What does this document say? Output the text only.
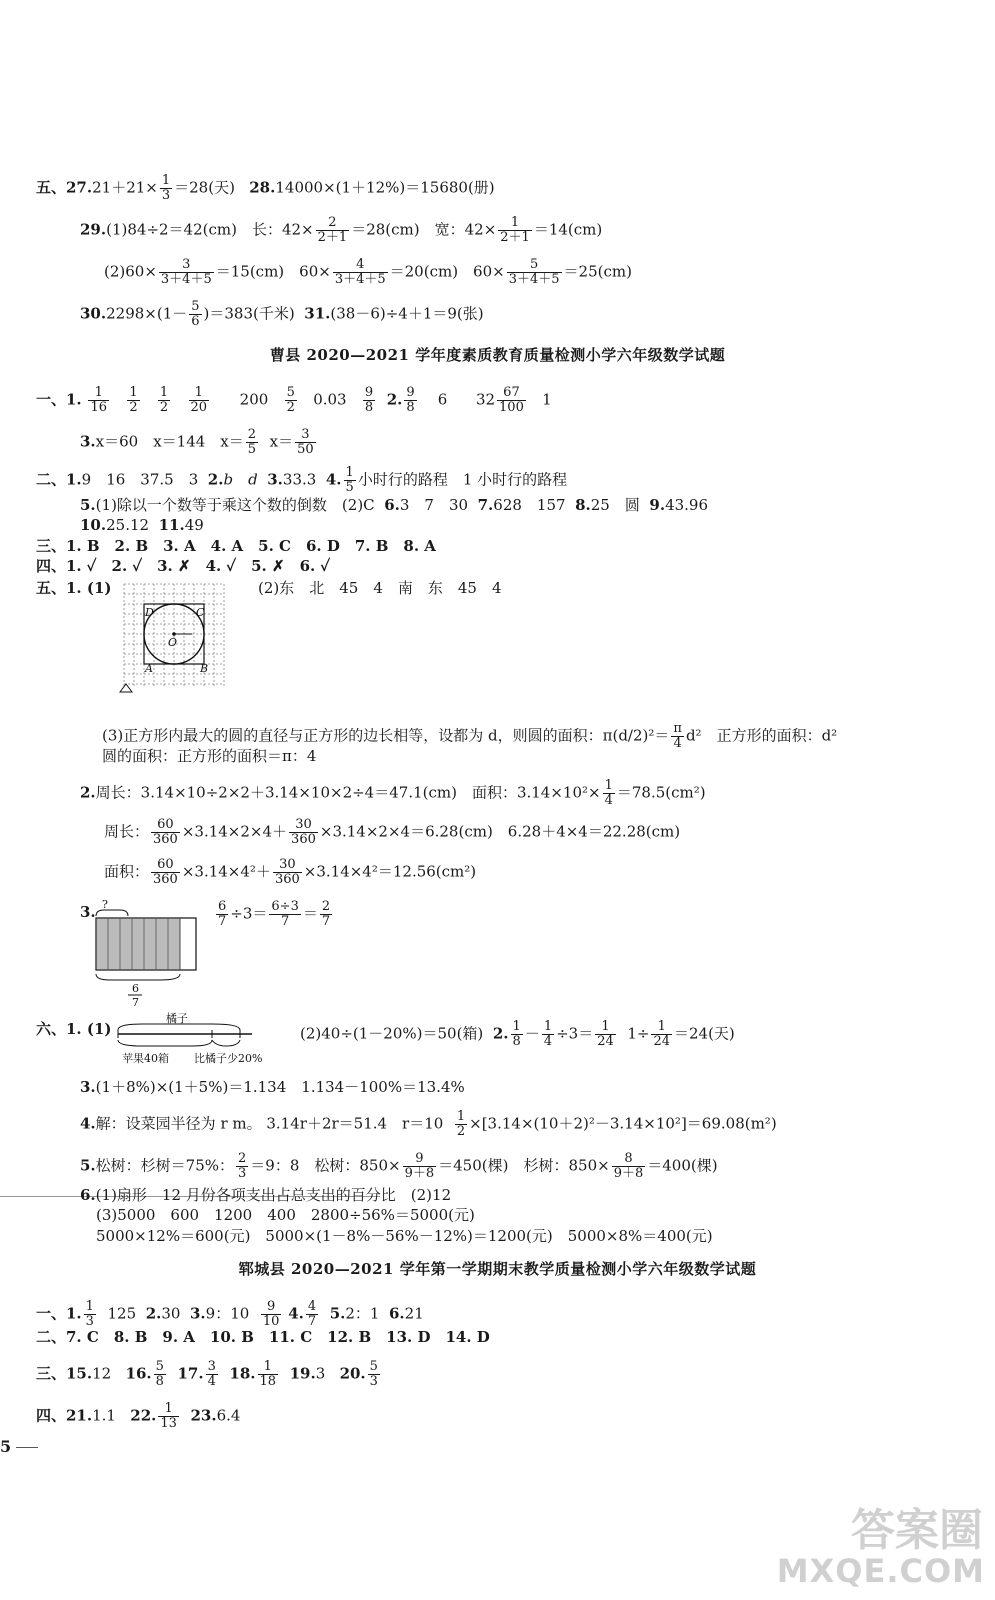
五、$27.21+21\times \frac{1}{3} =28$(天) 28.14000×(1＋12%)＝15680(册)
29.(1)84÷2＝42(cm)　长：$42\times \frac{2}{2+1} =28(cm)$　宽：$42\times \frac{1}{2+1} =14(cm)$
$(2)60\times \frac{3}{3+4+5} =15(cm)$　$60\times \frac{4}{3+4+5} =20(cm)$　$60\times \frac{5}{3+4+5} =25(cm)$
$30.2298\times(1- \frac{5}{6} )=383$(千米) 31.(38－6)÷4＋1＝9(张)
曹县 2020—2021 学年度素质教育质量检测小学六年级数学试题
一、1. $\frac{1}{16}$
$\frac{1}{2}$
$\frac{1}{2}$
$\frac{1}{20} 200 \frac{5}{2} 0.03 \frac{9}{8} 2$. $\frac{9}{8} 6$ $32 \frac{67}{100} 1$
3.x＝60　x＝144　$x= \frac{2}{5} x= \frac{3}{50}$
二、1.9　16　37.5　3 2.b　d 3.33.3 4. $\frac{1}{5}$ 小时行的路程　1 小时行的路程
5.(1)除以一个数等于乘这个数的倒数　(2)C 6.3　7　30 7.628　157 8.25　圆 9.43.96
10.25.12 11.49
三、1. B　2. B　3. A　4. A　5. C　6. D　7. B　8. A
四、1. ✓　2. ✓　3. ✗　4. ✓　5. ✗　6. ✓
五、1. (1)	(2)东　北　45　4　南　东　45　4
D	C
O
A	B
(3)正方形内最大的圆的直径与正方形的边长相等，设都为 d，则圆的面积：$\pi(d/2)^2= \frac{\pi}{4} d^2$　正方形的面积：d²
圆的面积：正方形的面积＝π：4
2.周长：3.14×10÷2×2＋3.14×10×2÷4＝47.1(cm)　面积：$3.14\times 10^2\times \frac{1}{4} =78.5(cm^2)$
周长： $\frac{60}{360} \times 3.14\times 2\times 4+ \frac{30}{360} \times 3.14\times 2\times 4=6.28(cm)$　6.28＋4×4＝22.28(cm)
面积： $\frac{60}{360} \times 3.14\times 4^2+ \frac{30}{360} \times 3.14\times 4^2=12.56(cm^2)$
3.	$\frac{6}{7} \div 3= \frac{6\div 3}{7} = \frac{2}{7}$
?
6
7
六、1. (1)
橘子
苹果40箱 比橘子少20%
(2)40÷(1－20%)＝50(箱) 2. $\frac{1}{8} - \frac{1}{4} \div 3= \frac{1}{24} 1\div \frac{1}{24} =24$(天)
3.(1＋8%)×(1＋5%)＝1.134　1.134－100%＝13.4%
4.解：设菜园半径为 r m。 3.14r＋2r＝51.4　$r=10 \frac{1}{2} \times[3.14\times(10+2)^2-3.14\times 10^2]=69.08(m^2)$
5.松树：杉树＝75%： $\frac{2}{3} =9$：8　松树：$850\times \frac{9}{9+8} =450$(棵)　杉树：$850\times \frac{8}{9+8} =400$(棵)
6.(1)扇形　12 月份各项支出占总支出的百分比　(2)12
(3)5000　600　1200　400　2800÷56%＝5000(元)
5000×12%＝600(元)　5000×(1－8%－56%－12%)＝1200(元)　5000×8%＝400(元)
郓城县 2020—2021 学年第一学期期末教学质量检测小学六年级数学试题
一、1. $\frac{1}{3} 125$ 2.30 3.9：$10 \frac{9}{10} 4$. $\frac{4}{7} 5.2$：1 6.21
二、7. C　8. B　9. A　10. B　11. C　12. B　13. D　14. D
三、15.12 16. $\frac{5}{8} 17$. $\frac{3}{4} 18$. $\frac{1}{18} 19.3$ 20. $\frac{5}{3}$
四、21.1.1 22. $\frac{1}{13} 23.6.4$
5
答案圈
MXQE.COM
